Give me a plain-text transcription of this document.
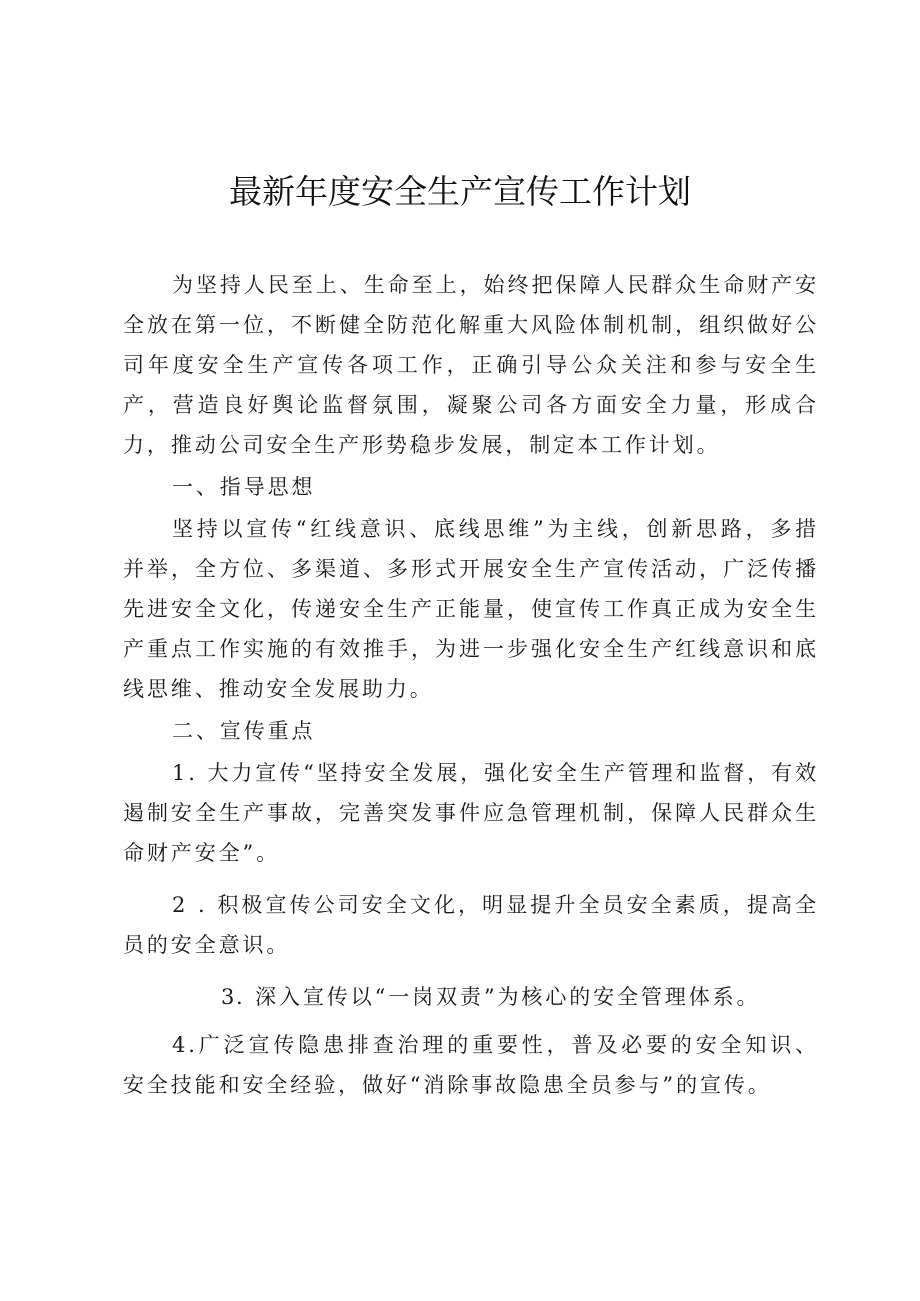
最新年度安全生产宣传工作计划

为坚持人民至上、生命至上，始终把保障人民群众生命财产安全放在第一位，不断健全防范化解重大风险体制机制，组织做好公司年度安全生产宣传各项工作，正确引导公众关注和参与安全生产，营造良好舆论监督氛围，凝聚公司各方面安全力量，形成合力，推动公司安全生产形势稳步发展，制定本工作计划。

一、指导思想

坚持以宣传“红线意识、底线思维”为主线，创新思路，多措并举，全方位、多渠道、多形式开展安全生产宣传活动，广泛传播先进安全文化，传递安全生产正能量，使宣传工作真正成为安全生产重点工作实施的有效推手，为进一步强化安全生产红线意识和底线思维、推动安全发展助力。

二、宣传重点

1. 大力宣传“坚持安全发展，强化安全生产管理和监督，有效遏制安全生产事故，完善突发事件应急管理机制，保障人民群众生命财产安全”。

2 . 积极宣传公司安全文化，明显提升全员安全素质，提高全员的安全意识。

3. 深入宣传以“一岗双责”为核心的安全管理体系。

4.广泛宣传隐患排查治理的重要性，普及必要的安全知识、安全技能和安全经验，做好“消除事故隐患全员参与”的宣传。
